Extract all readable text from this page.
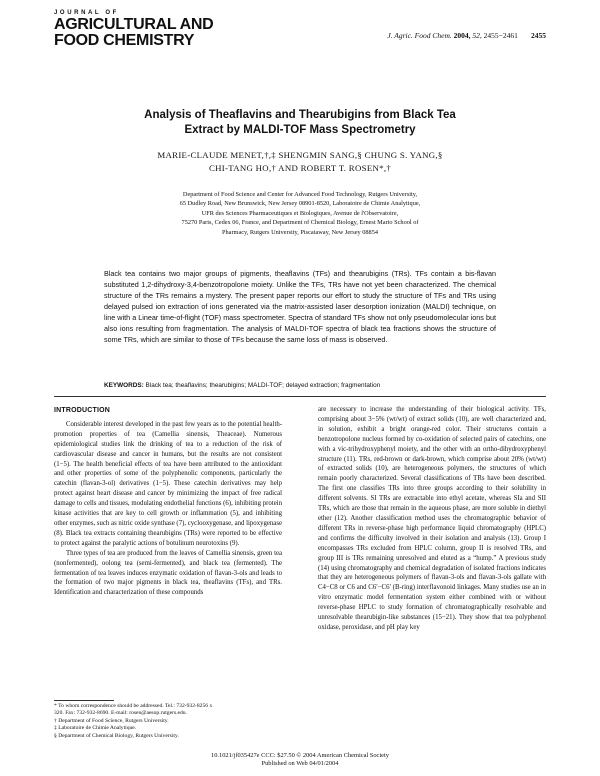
JOURNAL OF
AGRICULTURAL AND
FOOD CHEMISTRY	J. Agric. Food Chem. 2004, 52, 2455−2461 2455
Analysis of Theaflavins and Thearubigins from Black Tea
Extract by MALDI-TOF Mass Spectrometry
MARIE-CLAUDE MENET,†,‡ SHENGMIN SANG,§ CHUNG S. YANG,§
CHI-TANG HO,† AND ROBERT T. ROSEN*,†
Department of Food Science and Center for Advanced Food Technology, Rutgers University,
65 Dudley Road, New Brunswick, New Jersey 08901-8520, Laboratoire de Chimie Analytique,
UFR des Sciences Pharmaceutiques et Biologiques, Avenue de l'Observatoire,
75270 Paris, Cedex 06, France, and Department of Chemical Biology, Ernest Mario School of
Pharmacy, Rutgers University, Piscataway, New Jersey 08854
Black tea contains two major groups of pigments, theaflavins (TFs) and thearubigins (TRs). TFs contain a bis-flavan substituted 1,2-dihydroxy-3,4-benzotropolone moiety. Unlike the TFs, TRs have not yet been characterized. The chemical structure of the TRs remains a mystery. The present paper reports our effort to study the structure of TFs and TRs using delayed pulsed ion extraction of ions generated via the matrix-assisted laser desorption ionization (MALDI) technique, on line with a Linear time-of-flight (TOF) mass spectrometer. Spectra of standard TFs show not only pseudomolecular ions but also ions resulting from fragmentation. The analysis of MALDI-TOF spectra of black tea fractions shows the structure of some TRs, which are similar to those of TFs because the same loss of mass is observed.
KEYWORDS: Black tea; theaflavins; thearubigins; MALDI-TOF; delayed extraction; fragmentation
INTRODUCTION

Considerable interest developed in the past few years as to the potential health-promotion properties of tea (Camellia sinensis, Theaceae). Numerous epidemiological studies link the drinking of tea to a reduction of the risk of cardiovascular disease and cancer in humans, but the results are not consistent (1−5). The health beneficial effects of tea have been attributed to the antioxidant and other properties of some of the polyphenolic components, particularly the catechin (flavan-3-ol) derivatives (1−5). These catechin derivatives may help protect against heart disease and cancer by minimizing the impact of free radical damage to cells and tissues, modulating endothelial functions (6), inhibiting protein kinase activities that are key to cell growth or inflammation (5), and inhibiting other enzymes, such as nitric oxide synthase (7), cyclooxygenase, and lipoxygenase (8). Black tea extracts containing thearubigins (TRs) were reported to be effective to protect against the paralytic actions of botulinum neurotoxins (9).

Three types of tea are produced from the leaves of Camellia sinensis, green tea (nonfermented), oolong tea (semi-fermented), and black tea (fermented). The fermentation of tea leaves induces enzymatic oxidation of flavan-3-ols and leads to the formation of two major pigments in black tea, theaflavins (TFs), and TRs. Identification and characterization of these compounds

are necessary to increase the understanding of their biological activity. TFs, comprising about 3−5% (wt/wt) of extract solids (10), are well characterized and, in solution, exhibit a bright orange-red color. Their structures contain a benzotropolone nucleus formed by co-oxidation of selected pairs of catechins, one with a vic-trihydroxyphenyl moiety, and the other with an ortho-dihydroxyphenyl structure (11). TRs, red-brown or dark-brown, which comprise about 20% (wt/wt) of extracted solids (10), are heterogeneous polymers, the structures of which remain poorly characterized. Several classifications of TRs have been described. The first one classifies TRs into three groups according to their solubility in different solvents. SI TRs are extractable into ethyl acetate, whereas SIa and SII TRs, which are those that remain in the aqueous phase, are more soluble in diethyl ether (12). Another classification method uses the chromatographic behavior of different TRs in reverse-phase high performance liquid chromatography (HPLC) and confirms the difficulty involved in their isolation and analysis (13). Group I encompasses TRs excluded from HPLC column, group II is resolved TRs, and group III is TRs remaining unresolved and eluted as a “hump.” A previous study (14) using chromatography and chemical degradation of isolated fractions indicates that they are heterogeneous polymers of flavan-3-ols and flavan-3-ols gallate with C4−C8 or C6 and C6′−C6′ (B-ring) interflavonoid linkages. Many studies use an in vitro enzymatic model fermentation system either combined with or without reverse-phase HPLC to study formation of chromatographically resolvable and unresolvable thearubigin-like substances (15−21). They show that tea polyphenol oxidase, peroxidase, and pH play key

* To whom correspondence should be addressed. Tel.: 732-932-8256 x
320. Fax: 732-932-8690. E-mail: rosen@aesop.rutgers.edu.
† Department of Food Science, Rutgers University.
‡ Laboratoire de Chimie Analytique.
§ Department of Chemical Biology, Rutgers University.
10.1021/jf035427e CCC: $27.50 © 2004 American Chemical Society
Published on Web 04/01/2004
